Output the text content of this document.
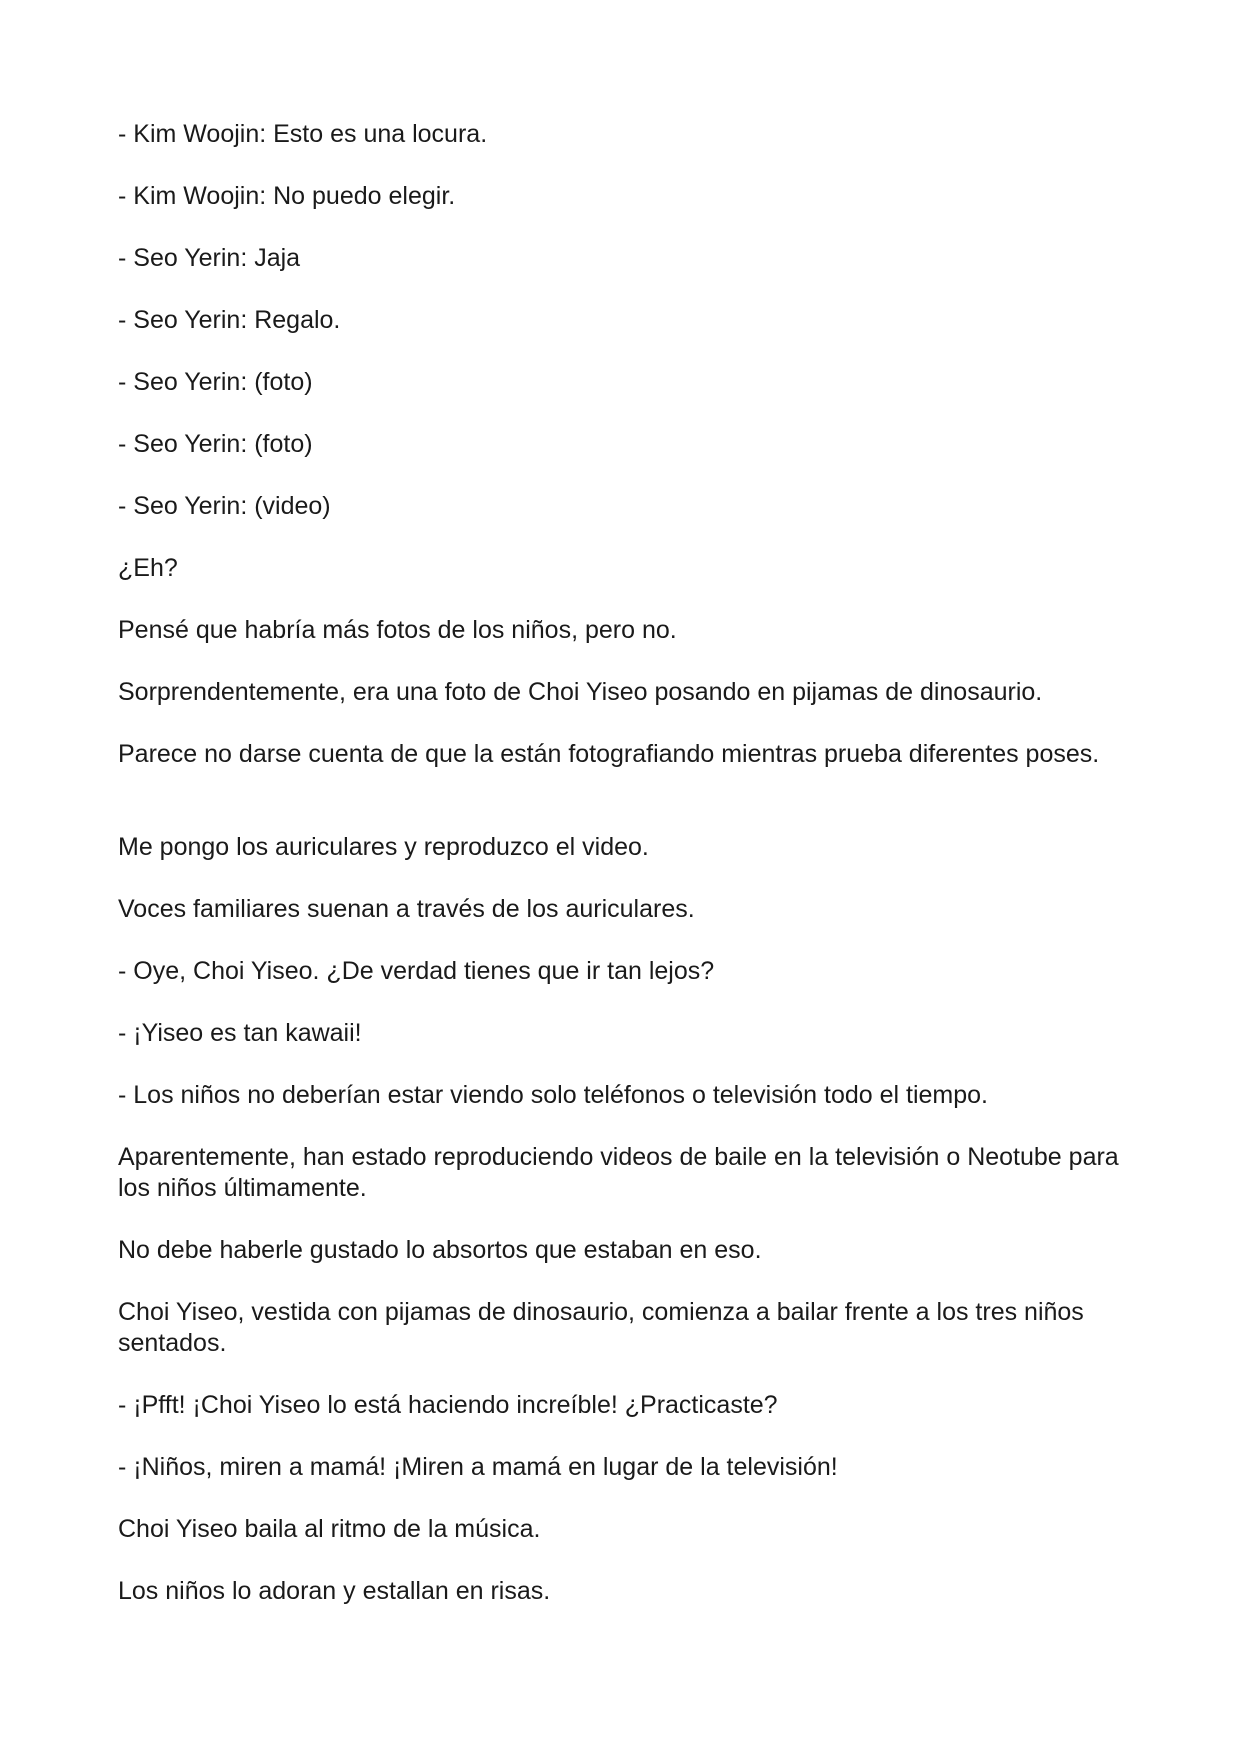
- Kim Woojin: Esto es una locura.

- Kim Woojin: No puedo elegir.

- Seo Yerin: Jaja

- Seo Yerin: Regalo.

- Seo Yerin: (foto)

- Seo Yerin: (foto)

- Seo Yerin: (video)

¿Eh?

Pensé que habría más fotos de los niños, pero no.

Sorprendentemente, era una foto de Choi Yiseo posando en pijamas de dinosaurio.

Parece no darse cuenta de que la están fotografiando mientras prueba diferentes poses.

Me pongo los auriculares y reproduzco el video.

Voces familiares suenan a través de los auriculares.

- Oye, Choi Yiseo. ¿De verdad tienes que ir tan lejos?

- ¡Yiseo es tan kawaii!

- Los niños no deberían estar viendo solo teléfonos o televisión todo el tiempo.

Aparentemente, han estado reproduciendo videos de baile en la televisión o Neotube para los niños últimamente.

No debe haberle gustado lo absortos que estaban en eso.

Choi Yiseo, vestida con pijamas de dinosaurio, comienza a bailar frente a los tres niños sentados.

- ¡Pfft! ¡Choi Yiseo lo está haciendo increíble! ¿Practicaste?

- ¡Niños, miren a mamá! ¡Miren a mamá en lugar de la televisión!

Choi Yiseo baila al ritmo de la música.

Los niños lo adoran y estallan en risas.
